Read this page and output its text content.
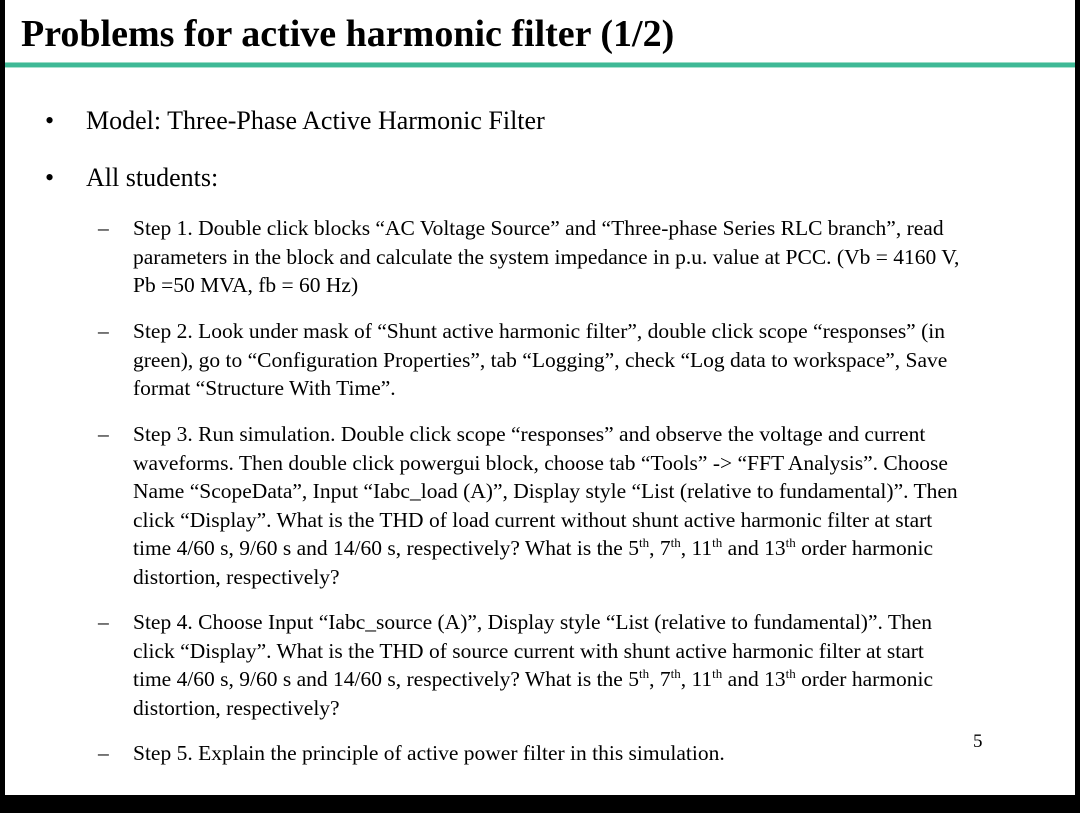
Problems for active harmonic filter (1/2)
• Model: Three-Phase Active Harmonic Filter
• All students:
– Step 1. Double click blocks “AC Voltage Source” and “Three-phase Series RLC branch”, read
parameters in the block and calculate the system impedance in p.u. value at PCC. (Vb = 4160 V,
Pb =50 MVA, fb = 60 Hz)
– Step 2. Look under mask of “Shunt active harmonic filter”, double click scope “responses” (in
green), go to “Configuration Properties”, tab “Logging”, check “Log data to workspace”, Save
format “Structure With Time”.
– Step 3. Run simulation. Double click scope “responses” and observe the voltage and current
waveforms. Then double click powergui block, choose tab “Tools” -> “FFT Analysis”. Choose
Name “ScopeData”, Input “Iabc_load (A)”, Display style “List (relative to fundamental)”. Then
click “Display”. What is the THD of load current without shunt active harmonic filter at start
time 4/60 s, 9/60 s and 14/60 s, respectively? What is the 5th, 7th, 11th and 13th order harmonic
distortion, respectively?
– Step 4. Choose Input “Iabc_source (A)”, Display style “List (relative to fundamental)”. Then
click “Display”. What is the THD of source current with shunt active harmonic filter at start
time 4/60 s, 9/60 s and 14/60 s, respectively? What is the 5th, 7th, 11th and 13th order harmonic
distortion, respectively?
– Step 5. Explain the principle of active power filter in this simulation.	5
